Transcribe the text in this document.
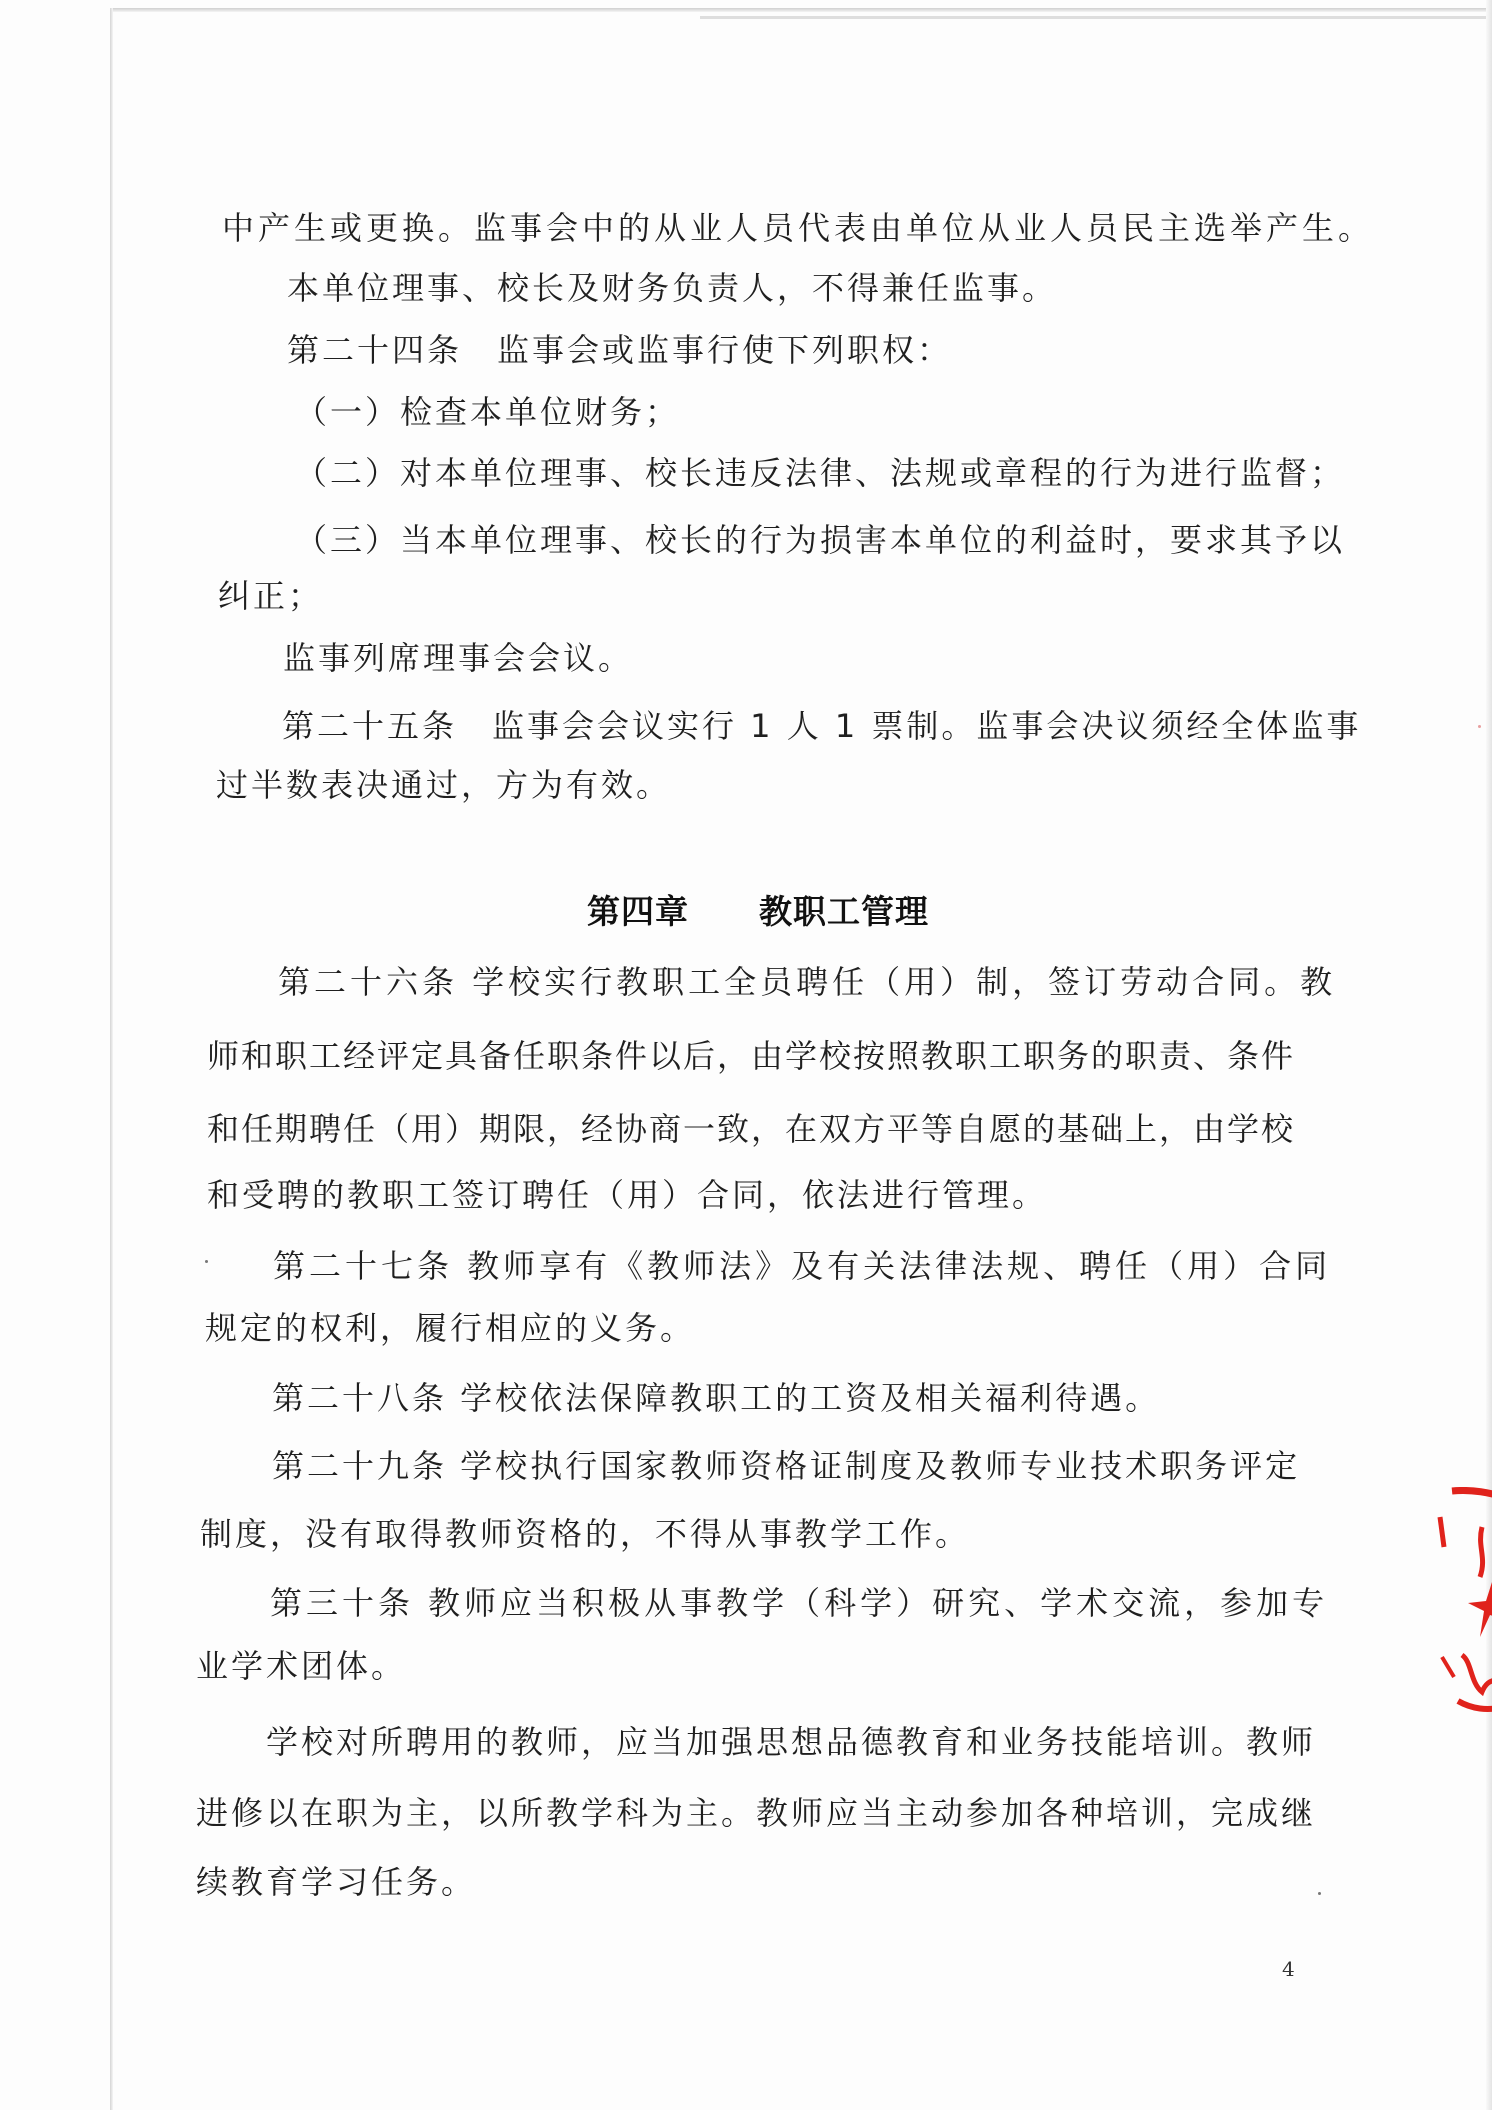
中产生或更换。监事会中的从业人员代表由单位从业人员民主选举产生。
本单位理事、校长及财务负责人，不得兼任监事。
第二十四条　监事会或监事行使下列职权：
（一）检查本单位财务；
（二）对本单位理事、校长违反法律、法规或章程的行为进行监督；
（三）当本单位理事、校长的行为损害本单位的利益时，要求其予以
纠正；
监事列席理事会会议。
第二十五条　监事会会议实行 1 人 1 票制。监事会决议须经全体监事
过半数表决通过，方为有效。
第四章 教职工管理
第二十六条 学校实行教职工全员聘任（用）制，签订劳动合同。教
师和职工经评定具备任职条件以后，由学校按照教职工职务的职责、条件
和任期聘任（用）期限，经协商一致，在双方平等自愿的基础上，由学校
和受聘的教职工签订聘任（用）合同，依法进行管理。
第二十七条 教师享有《教师法》及有关法律法规、聘任（用）合同
规定的权利，履行相应的义务。
第二十八条 学校依法保障教职工的工资及相关福利待遇。
第二十九条 学校执行国家教师资格证制度及教师专业技术职务评定
制度，没有取得教师资格的，不得从事教学工作。
第三十条 教师应当积极从事教学（科学）研究、学术交流，参加专
业学术团体。
学校对所聘用的教师，应当加强思想品德教育和业务技能培训。教师
进修以在职为主，以所教学科为主。教师应当主动参加各种培训，完成继
续教育学习任务。
4
